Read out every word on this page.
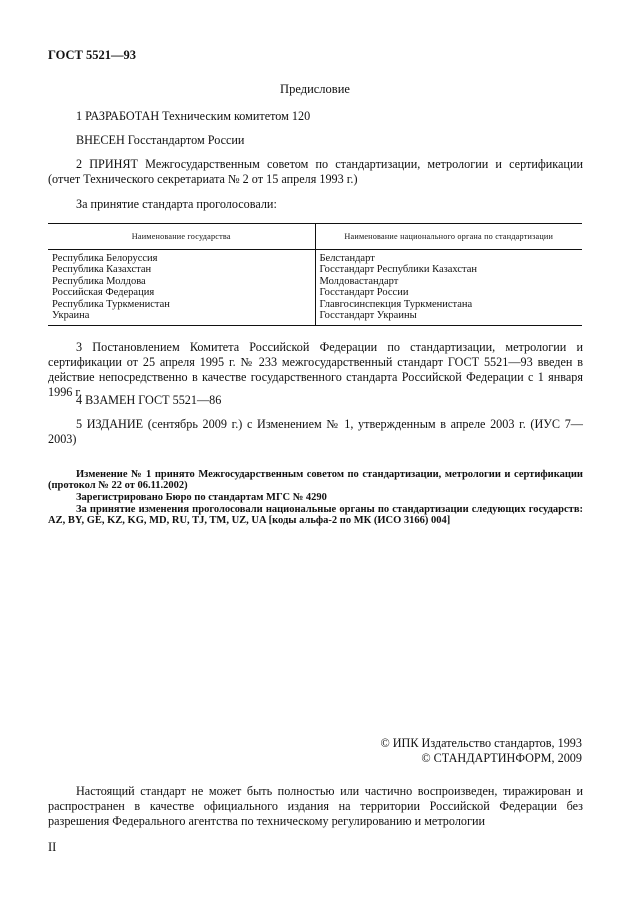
ГОСТ 5521—93
Предисловие

1 РАЗРАБОТАН Техническим комитетом 120

ВНЕСЕН Госстандартом России

2 ПРИНЯТ Межгосударственным советом по стандартизации, метрологии и сертификации (отчет Технического секретариата № 2 от 15 апреля 1993 г.)

За принятие стандарта проголосовали:

Наименование государства	Наименование национального органа по стандартизации
Республика Белоруссия	Белстандарт
Республика Казахстан	Госстандарт Республики Казахстан
Республика Молдова	Молдовастандарт
Российская Федерация	Госстандарт России
Республика Туркменистан	Главгосинспекция Туркменистана
Украина	Госстандарт Украины

3 Постановлением Комитета Российской Федерации по стандартизации, метрологии и сертификации от 25 апреля 1995 г. № 233 межгосударственный стандарт ГОСТ 5521—93 введен в действие непосредственно в качестве государственного стандарта Российской Федерации с 1 января 1996 г.

4 ВЗАМЕН ГОСТ 5521—86

5 ИЗДАНИЕ (сентябрь 2009 г.) с Изменением № 1, утвержденным в апреле 2003 г. (ИУС 7—2003)

Изменение № 1 принято Межгосударственным советом по стандартизации, метрологии и сертификации (протокол № 22 от 06.11.2002)

Зарегистрировано Бюро по стандартам МГС № 4290

За принятие изменения проголосовали национальные органы по стандартизации следующих государств: AZ, BY, GE, KZ, KG, MD, RU, TJ, TM, UZ, UA [коды альфа-2 по МК (ИСО 3166) 004]

© ИПК Издательство стандартов, 1993
© СТАНДАРТИНФОРМ, 2009

Настоящий стандарт не может быть полностью или частично воспроизведен, тиражирован и распространен в качестве официального издания на территории Российской Федерации без разрешения Федерального агентства по техническому регулированию и метрологии

II
